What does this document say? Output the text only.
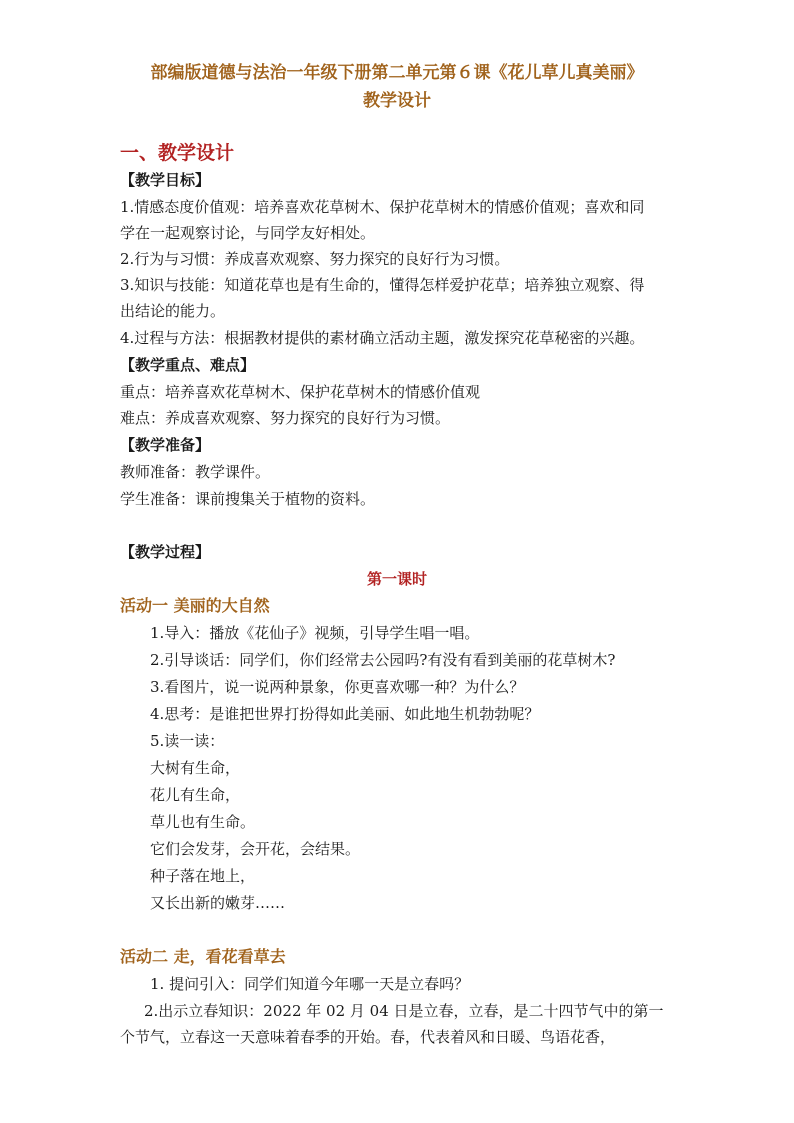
部编版道德与法治一年级下册第二单元第６课《花儿草儿真美丽》
教学设计
一、教学设计
【教学目标】
1.情感态度价值观：培养喜欢花草树木、保护花草树木的情感价值观；喜欢和同
学在一起观察讨论，与同学友好相处。
2.行为与习惯：养成喜欢观察、努力探究的良好行为习惯。
3.知识与技能：知道花草也是有生命的，懂得怎样爱护花草；培养独立观察、得
出结论的能力。
4.过程与方法：根据教材提供的素材确立活动主题，激发探究花草秘密的兴趣。
【教学重点、难点】
重点：培养喜欢花草树木、保护花草树木的情感价值观
难点：养成喜欢观察、努力探究的良好行为习惯。
【教学准备】
教师准备：教学课件。
学生准备：课前搜集关于植物的资料。
【教学过程】
第一课时
活动一 美丽的大自然
1.导入：播放《花仙子》视频，引导学生唱一唱。
2.引导谈话：同学们，你们经常去公园吗?有没有看到美丽的花草树木?
3.看图片，说一说两种景象，你更喜欢哪一种？为什么？
4.思考：是谁把世界打扮得如此美丽、如此地生机勃勃呢？
5.读一读：
大树有生命，
花儿有生命，
草儿也有生命。
它们会发芽，会开花，会结果。
种子落在地上，
又长出新的嫩芽……
活动二 走，看花看草去
1. 提问引入：同学们知道今年哪一天是立春吗？
2.出示立春知识：2022 年 02 月 04 日是立春，立春，是二十四节气中的第一
个节气，立春这一天意味着春季的开始。春，代表着风和日暖、鸟语花香，
